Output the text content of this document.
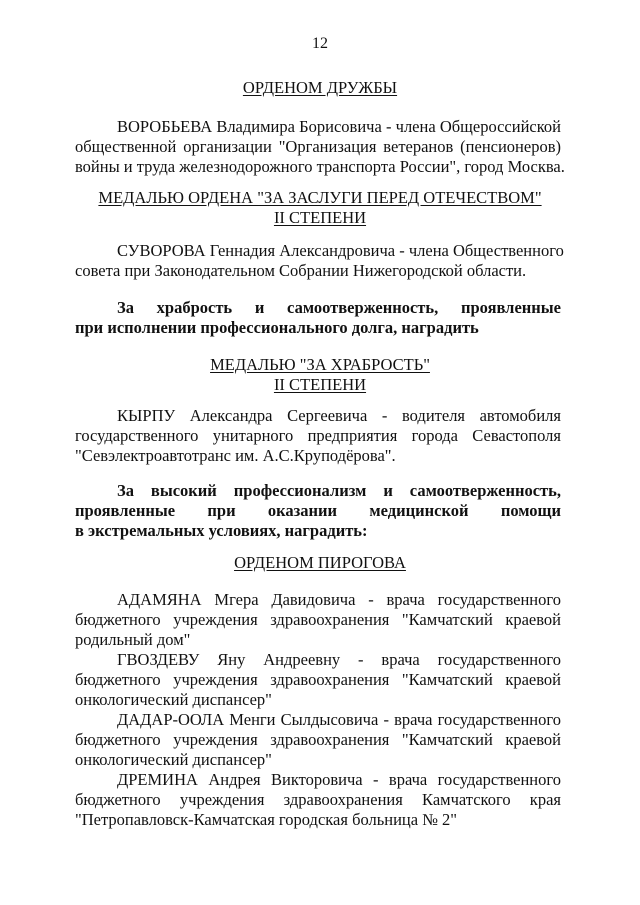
12
ОРДЕНОМ ДРУЖБЫ
ВОРОБЬЕВА Владимира Борисовича - члена Общероссийской
общественной организации "Организация ветеранов (пенсионеров)
войны и труда железнодорожного транспорта России", город Москва.
МЕДАЛЬЮ ОРДЕНА "ЗА ЗАСЛУГИ ПЕРЕД ОТЕЧЕСТВОМ"
II СТЕПЕНИ
СУВОРОВА Геннадия Александровича - члена Общественного
совета при Законодательном Собрании Нижегородской области.
За храбрость и самоотверженность, проявленные
при исполнении профессионального долга, наградить
МЕДАЛЬЮ "ЗА ХРАБРОСТЬ"
II СТЕПЕНИ
КЫРПУ Александра Сергеевича - водителя автомобиля
государственного унитарного предприятия города Севастополя
"Севэлектроавтотранс им. А.С.Круподёрова".
За высокий профессионализм и самоотверженность,
проявленные при оказании медицинской помощи
в экстремальных условиях, наградить:
ОРДЕНОМ ПИРОГОВА
АДАМЯНА Мгера Давидовича - врача государственного
бюджетного учреждения здравоохранения "Камчатский краевой
родильный дом"
ГВОЗДЕВУ Яну Андреевну - врача государственного
бюджетного учреждения здравоохранения "Камчатский краевой
онкологический диспансер"
ДАДАР-ООЛА Менги Сылдысовича - врача государственного
бюджетного учреждения здравоохранения "Камчатский краевой
онкологический диспансер"
ДРЕМИНА Андрея Викторовича - врача государственного
бюджетного учреждения здравоохранения Камчатского края
"Петропавловск-Камчатская городская больница № 2"
